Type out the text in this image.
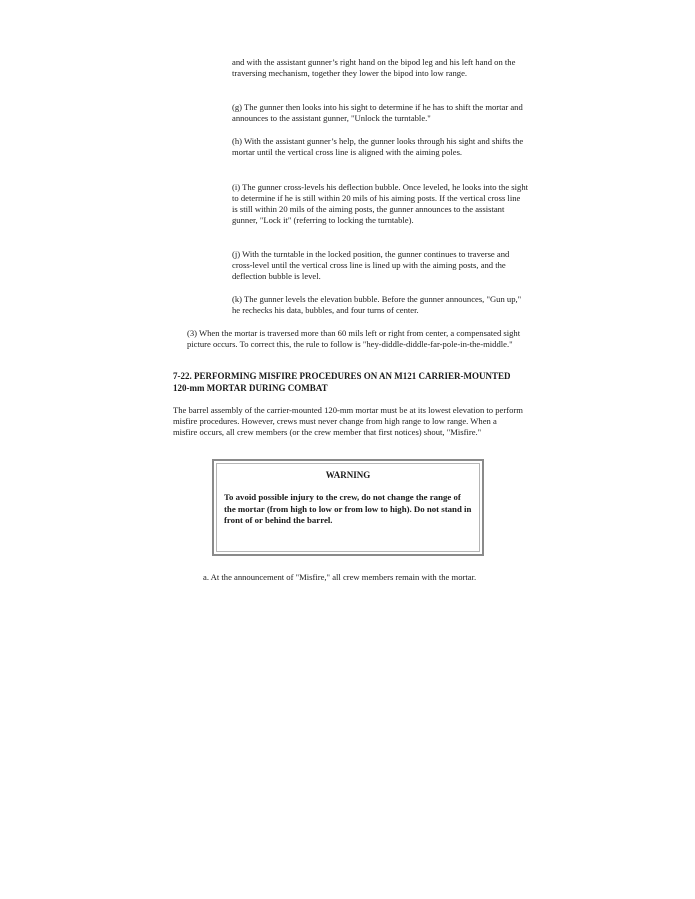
and with the assistant gunner’s right hand on the bipod leg and his left hand on the traversing mechanism, together they lower the bipod into low range.

(g) The gunner then looks into his sight to determine if he has to shift the mortar and announces to the assistant gunner, "Unlock the turntable."

(h) With the assistant gunner’s help, the gunner looks through his sight and shifts the mortar until the vertical cross line is aligned with the aiming poles.

(i) The gunner cross-levels his deflection bubble. Once leveled, he looks into the sight to determine if he is still within 20 mils of his aiming posts. If the vertical cross line is still within 20 mils of the aiming posts, the gunner announces to the assistant gunner, "Lock it" (referring to locking the turntable).

(j) With the turntable in the locked position, the gunner continues to traverse and cross-level until the vertical cross line is lined up with the aiming posts, and the deflection bubble is level.

(k) The gunner levels the elevation bubble. Before the gunner announces, "Gun up," he rechecks his data, bubbles, and four turns of center.

(3) When the mortar is traversed more than 60 mils left or right from center, a compensated sight picture occurs. To correct this, the rule to follow is "hey-diddle-diddle-far-pole-in-the-middle."

7-22. PERFORMING MISFIRE PROCEDURES ON AN M121 CARRIER-MOUNTED 120-mm MORTAR DURING COMBAT

The barrel assembly of the carrier-mounted 120-mm mortar must be at its lowest elevation to perform misfire procedures. However, crews must never change from high range to low range. When a misfire occurs, all crew members (or the crew member that first notices) shout, "Misfire."

WARNING

To avoid possible injury to the crew, do not change the range of the mortar (from high to low or from low to high). Do not stand in front of or behind the barrel.

a. At the announcement of "Misfire," all crew members remain with the mortar.
